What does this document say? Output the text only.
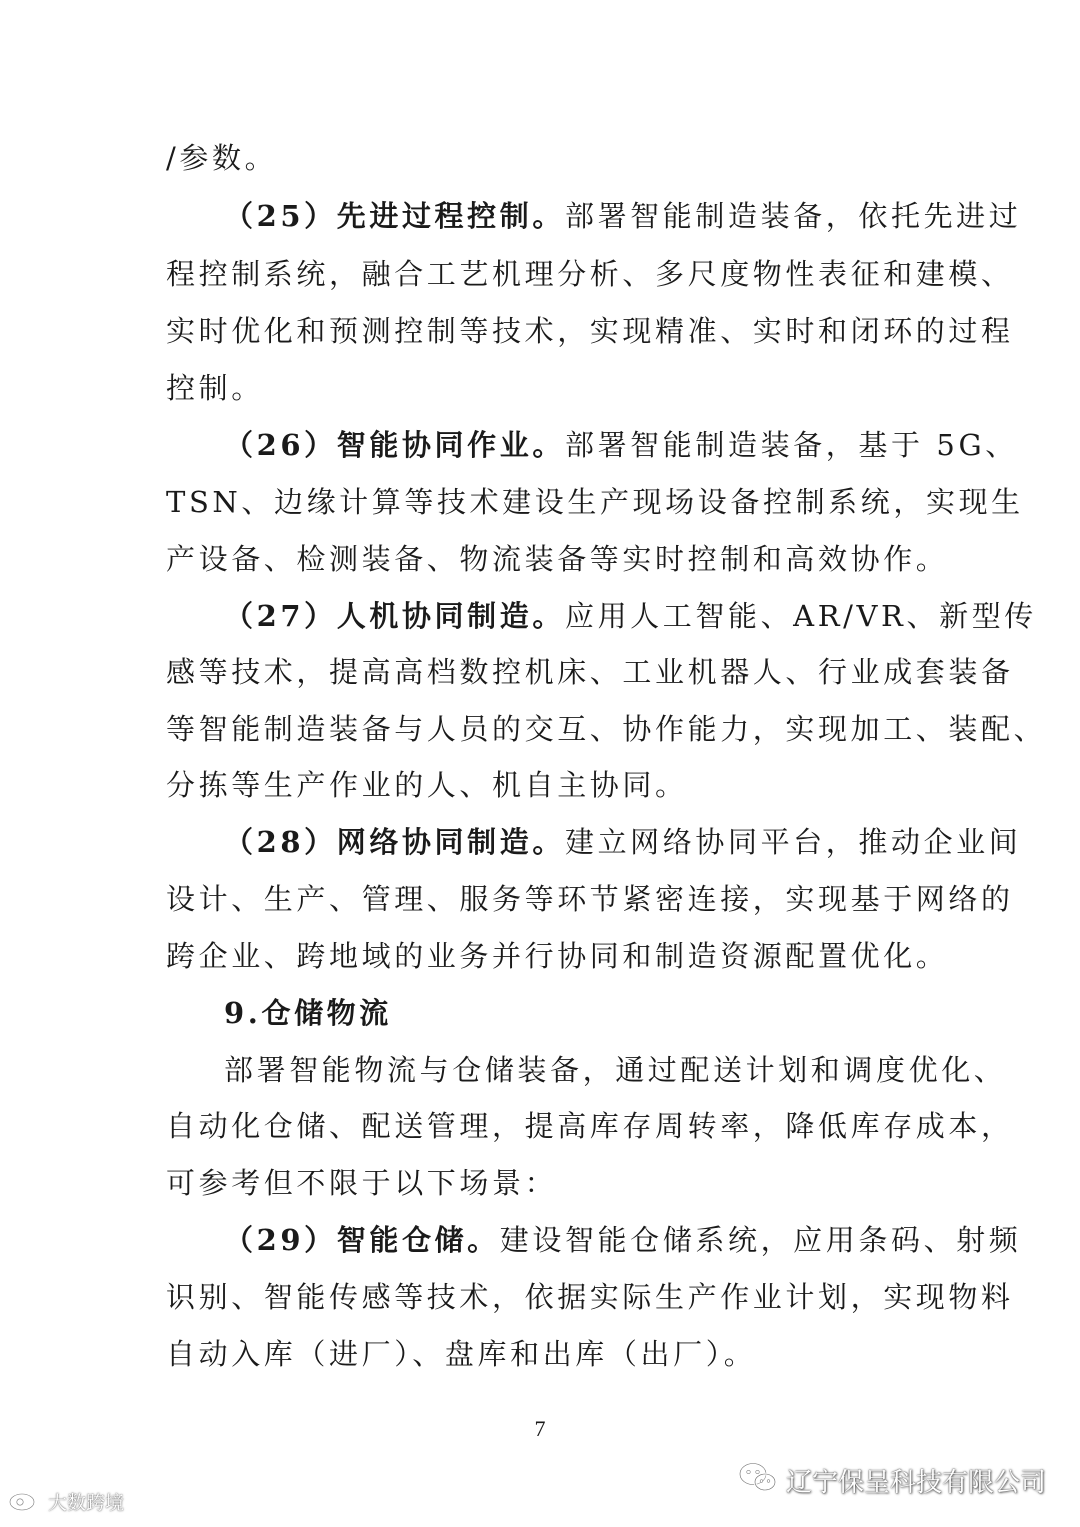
/参数。
（25）先进过程控制。部署智能制造装备，依托先进过
程控制系统，融合工艺机理分析、多尺度物性表征和建模、
实时优化和预测控制等技术，实现精准、实时和闭环的过程
控制。
（26）智能协同作业。部署智能制造装备，基于 5G、
TSN、边缘计算等技术建设生产现场设备控制系统，实现生
产设备、检测装备、物流装备等实时控制和高效协作。
（27）人机协同制造。应用人工智能、AR/VR、新型传
感等技术，提高高档数控机床、工业机器人、行业成套装备
等智能制造装备与人员的交互、协作能力，实现加工、装配、
分拣等生产作业的人、机自主协同。
（28）网络协同制造。建立网络协同平台，推动企业间
设计、生产、管理、服务等环节紧密连接，实现基于网络的
跨企业、跨地域的业务并行协同和制造资源配置优化。
9.仓储物流
部署智能物流与仓储装备，通过配送计划和调度优化、
自动化仓储、配送管理，提高库存周转率，降低库存成本，
可参考但不限于以下场景：
（29）智能仓储。建设智能仓储系统，应用条码、射频
识别、智能传感等技术，依据实际生产作业计划，实现物料
自动入库（进厂）、盘库和出库（出厂）。
7
大数跨境
辽宁保呈科技有限公司
